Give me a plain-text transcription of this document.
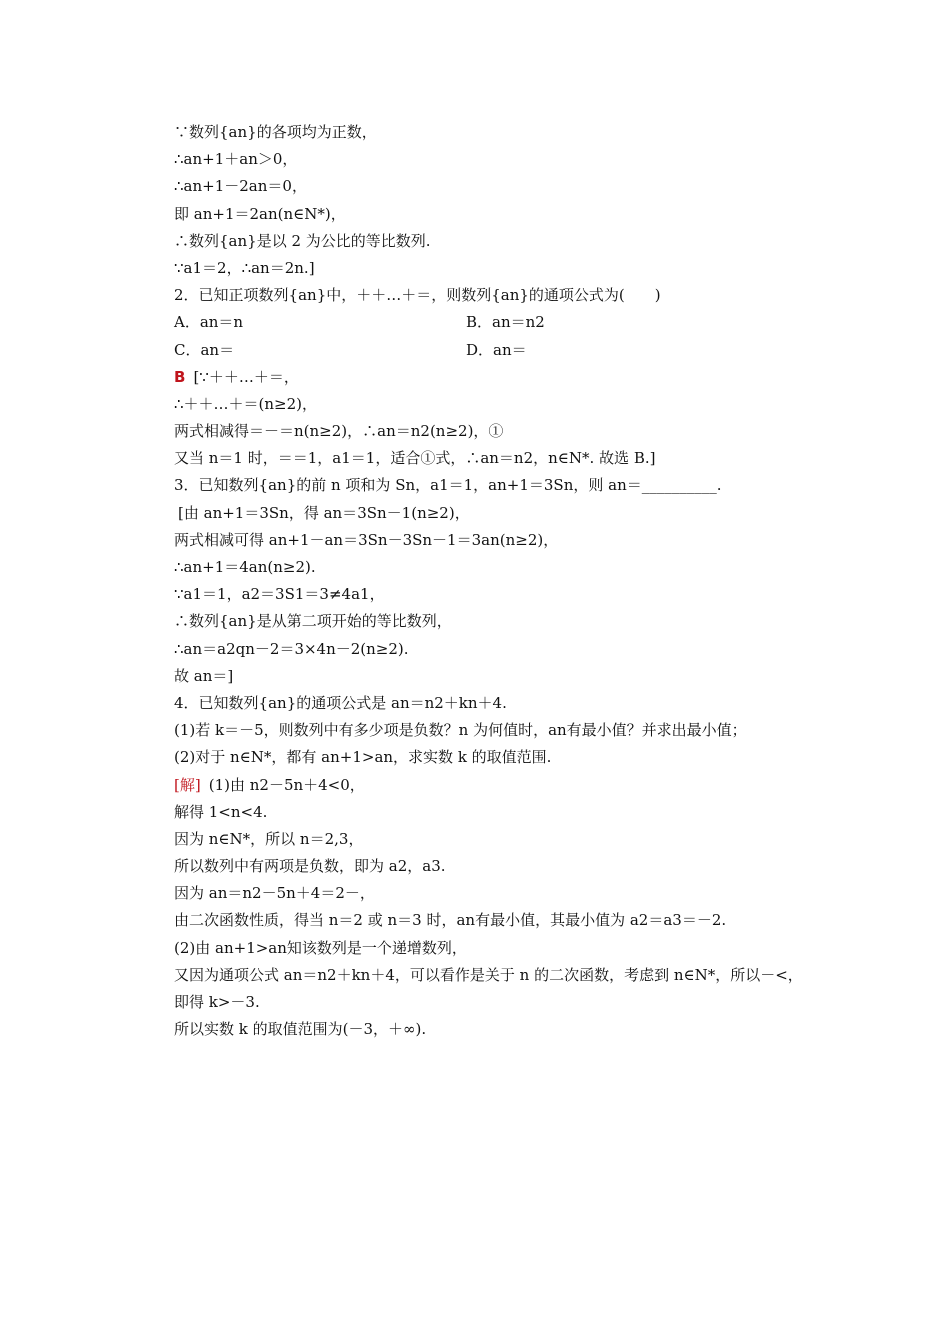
∵数列{an}的各项均为正数，
∴an+1＋an＞0，
∴an+1－2an＝0，
即 an+1＝2an(n∈N*)，
∴数列{an}是以 2 为公比的等比数列.
∵a1＝2，∴an＝2n.]
2．已知正项数列{an}中，＋＋…＋＝，则数列{an}的通项公式为(　　)
A．an＝n	B．an＝n2
C．an＝	D．an＝
B [∵＋＋…＋＝，
∴＋＋…＋＝(n≥2)，
两式相减得＝－＝n(n≥2)，∴an＝n2(n≥2)，①
又当 n＝1 时，＝＝1，a1＝1，适合①式，∴an＝n2，n∈N*. 故选 B.]
3．已知数列{an}的前 n 项和为 Sn，a1＝1，an+1＝3Sn，则 an＝__________.
[由 an+1＝3Sn，得 an＝3Sn－1(n≥2)，
两式相减可得 an+1－an＝3Sn－3Sn－1＝3an(n≥2)，
∴an+1＝4an(n≥2).
∵a1＝1，a2＝3S1＝3≠4a1，
∴数列{an}是从第二项开始的等比数列，
∴an＝a2qn－2＝3×4n－2(n≥2).
故 an＝]
4．已知数列{an}的通项公式是 an＝n2＋kn＋4.
(1)若 k＝－5，则数列中有多少项是负数？n 为何值时，an有最小值？并求出最小值；
(2)对于 n∈N*，都有 an+1>an，求实数 k 的取值范围.
[解] (1)由 n2－5n＋4<0，
解得 1<n<4.
因为 n∈N*，所以 n＝2,3，
所以数列中有两项是负数，即为 a2，a3.
因为 an＝n2－5n＋4＝2－，
由二次函数性质，得当 n＝2 或 n＝3 时，an有最小值，其最小值为 a2＝a3＝－2.
(2)由 an+1>an知该数列是一个递增数列，
又因为通项公式 an＝n2＋kn＋4，可以看作是关于 n 的二次函数，考虑到 n∈N*，所以－<，
即得 k>－3.
所以实数 k 的取值范围为(－3，＋∞).
